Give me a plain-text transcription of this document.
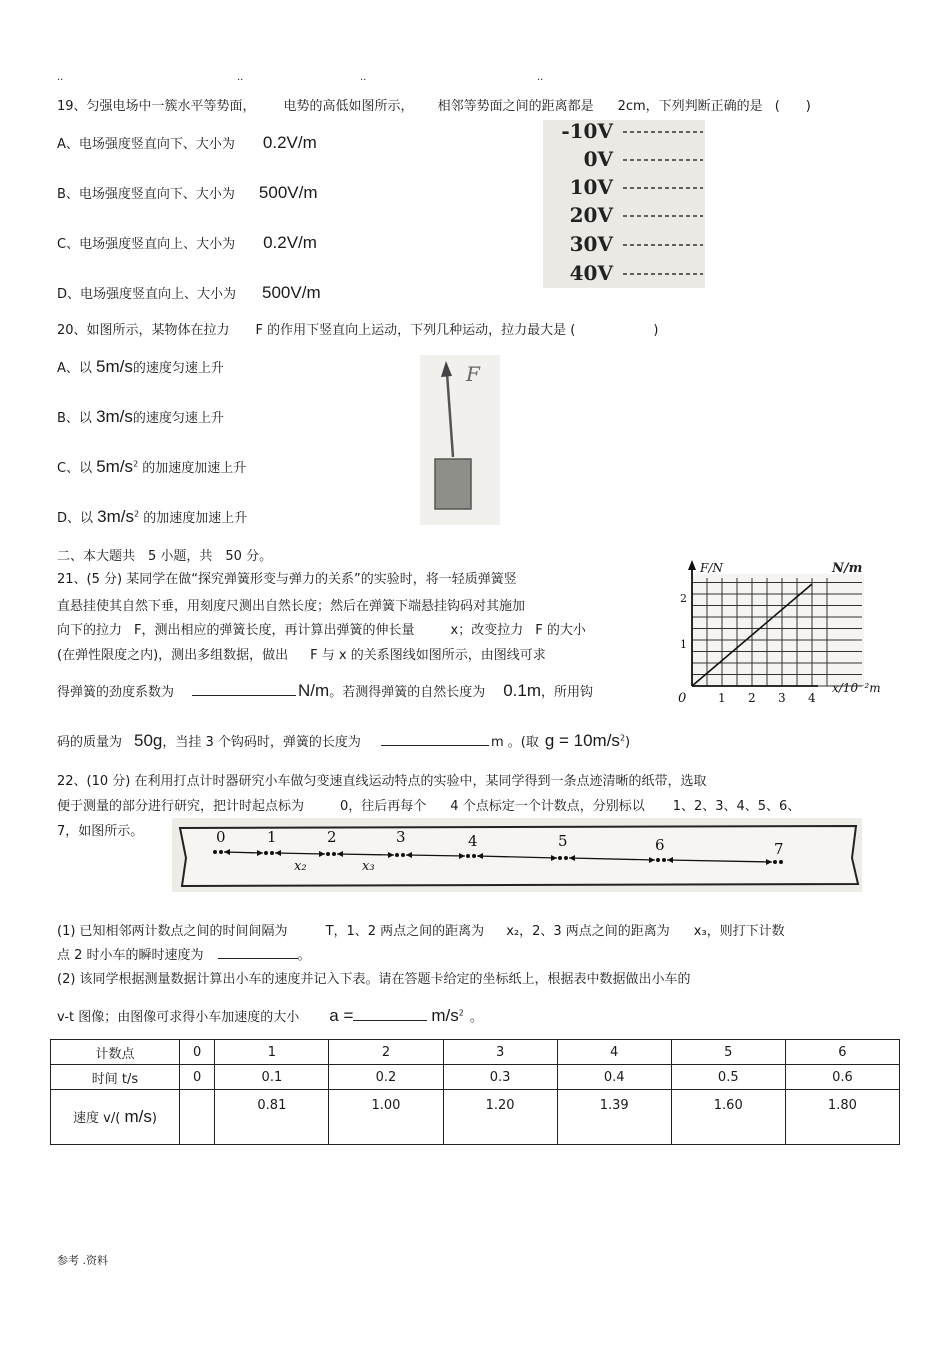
..	..	..	..
19、匀强电场中一簇水平等势面， 电势的高低如图所示， 相邻等势面之间的距离都是 2cm，下列判断正确的是 (　　)
A、电场强度竖直向下、大小为 0.2V/m
B、电场强度竖直向下、大小为 500V/m
C、电场强度竖直向上、大小为 0.2V/m
D、电场强度竖直向上、大小为 500V/m
-10V
0V
10V
20V
30V
40V
20、如图所示，某物体在拉力 F 的作用下竖直向上运动，下列几种运动，拉力最大是 (	)
A、以 5m/s的速度匀速上升
B、以 3m/s的速度匀速上升
C、以 $5m/s^2$ 的加速度加速上升
D、以 $3m/s^2$ 的加速度加速上升
F
二、本大题共　5 小题，共　50 分。
21、(5 分) 某同学在做“探究弹簧形变与弹力的关系”的实验时，将一轻质弹簧竖
直悬挂使其自然下垂，用刻度尺测出自然长度；然后在弹簧下端悬挂钩码对其施加
向下的拉力 F，测出相应的弹簧长度，再计算出弹簧的伸长量	x；改变拉力 F 的大小
(在弹性限度之内)，测出多组数据，做出 F 与 x 的关系图线如图所示，由图线可求
得弹簧的劲度系数为	N/m。若测得弹簧的自然长度为 0.1m，所用钩
码的质量为 50g，当挂 3 个钩码时，弹簧的长度为	m 。(取 $g = 10m/s^2$)
F/N	N/m
1
2
0	1 2 3 4
x/10⁻²m
22、(10 分) 在利用打点计时器研究小车做匀变速直线运动特点的实验中，某同学得到一条点迹清晰的纸带，选取
便于测量的部分进行研究，把计时起点标为	0，往后再每个 4 个点标定一个计数点，分别标以 1、2、3、4、5、6、
7，如图所示。	0	1	2	3	4	5	6	7
x₂	x₃
(1) 已知相邻两计数点之间的时间间隔为	T，1、2 两点之间的距离为 x₂，2、3 两点之间的距离为 x₃，则打下计数
点 2 时小车的瞬时速度为	。
(2) 该同学根据测量数据计算出小车的速度并记入下表。请在答题卡给定的坐标纸上，根据表中数据做出小车的
v-t 图像；由图像可求得小车加速度的大小 a =	$m/s^2$ 。
计数点	0	1	2	3	4	5	6
时间 t/s	0	0.1	0.2	0.3	0.4	0.5	0.6
速度 v/( m/s)		0.81	1.00	1.20	1.39	1.60	1.80
参考 .资料
